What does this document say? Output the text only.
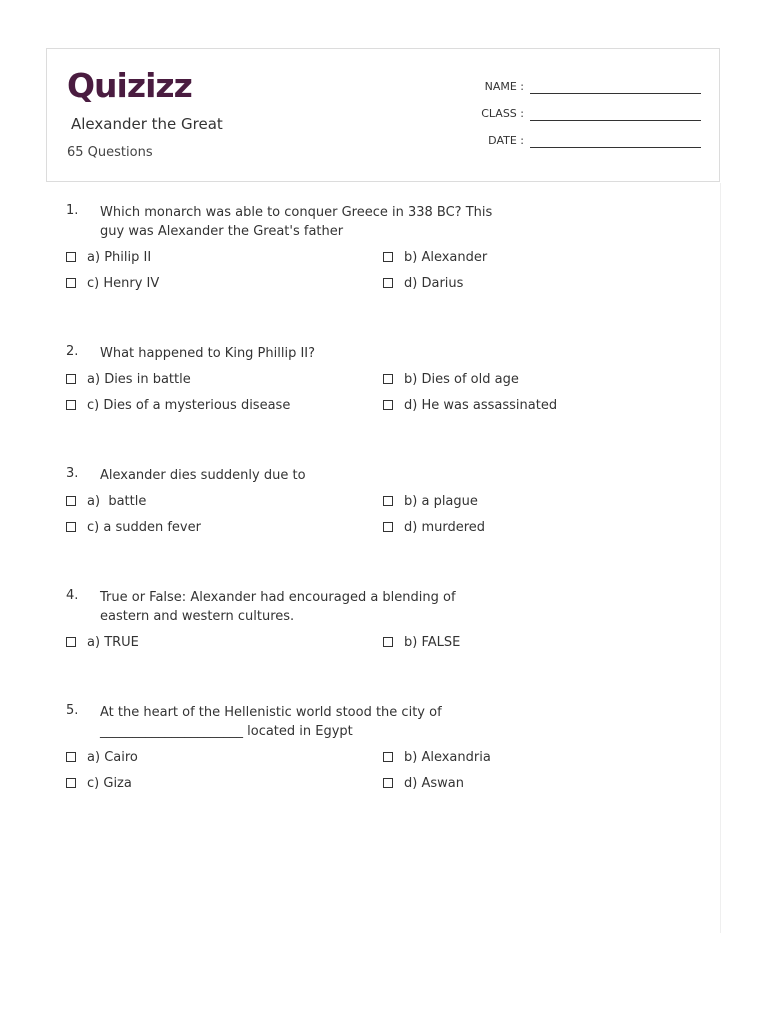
Quizizz
Alexander the Great
65 Questions
NAME :
CLASS :
DATE :
1. Which monarch was able to conquer Greece in 338 BC? This guy was Alexander the Great's father
a)
Philip II	b)
Alexander
c)
Henry IV	d)
Darius
2. What happened to King Phillip II?
a)
Dies in battle	b)
Dies of old age
c)
Dies of a mysterious disease	d)
He was assassinated
3. Alexander dies suddenly due to
a)
battle	b)
a plague
c)
a sudden fever	d)
murdered
4. True or False: Alexander had encouraged a blending of eastern and western cultures.
a)
TRUE	b)
FALSE
5. At the heart of the Hellenistic world stood the city of ______________________ located in Egypt
a)
Cairo	b)
Alexandria
c)
Giza	d)
Aswan
